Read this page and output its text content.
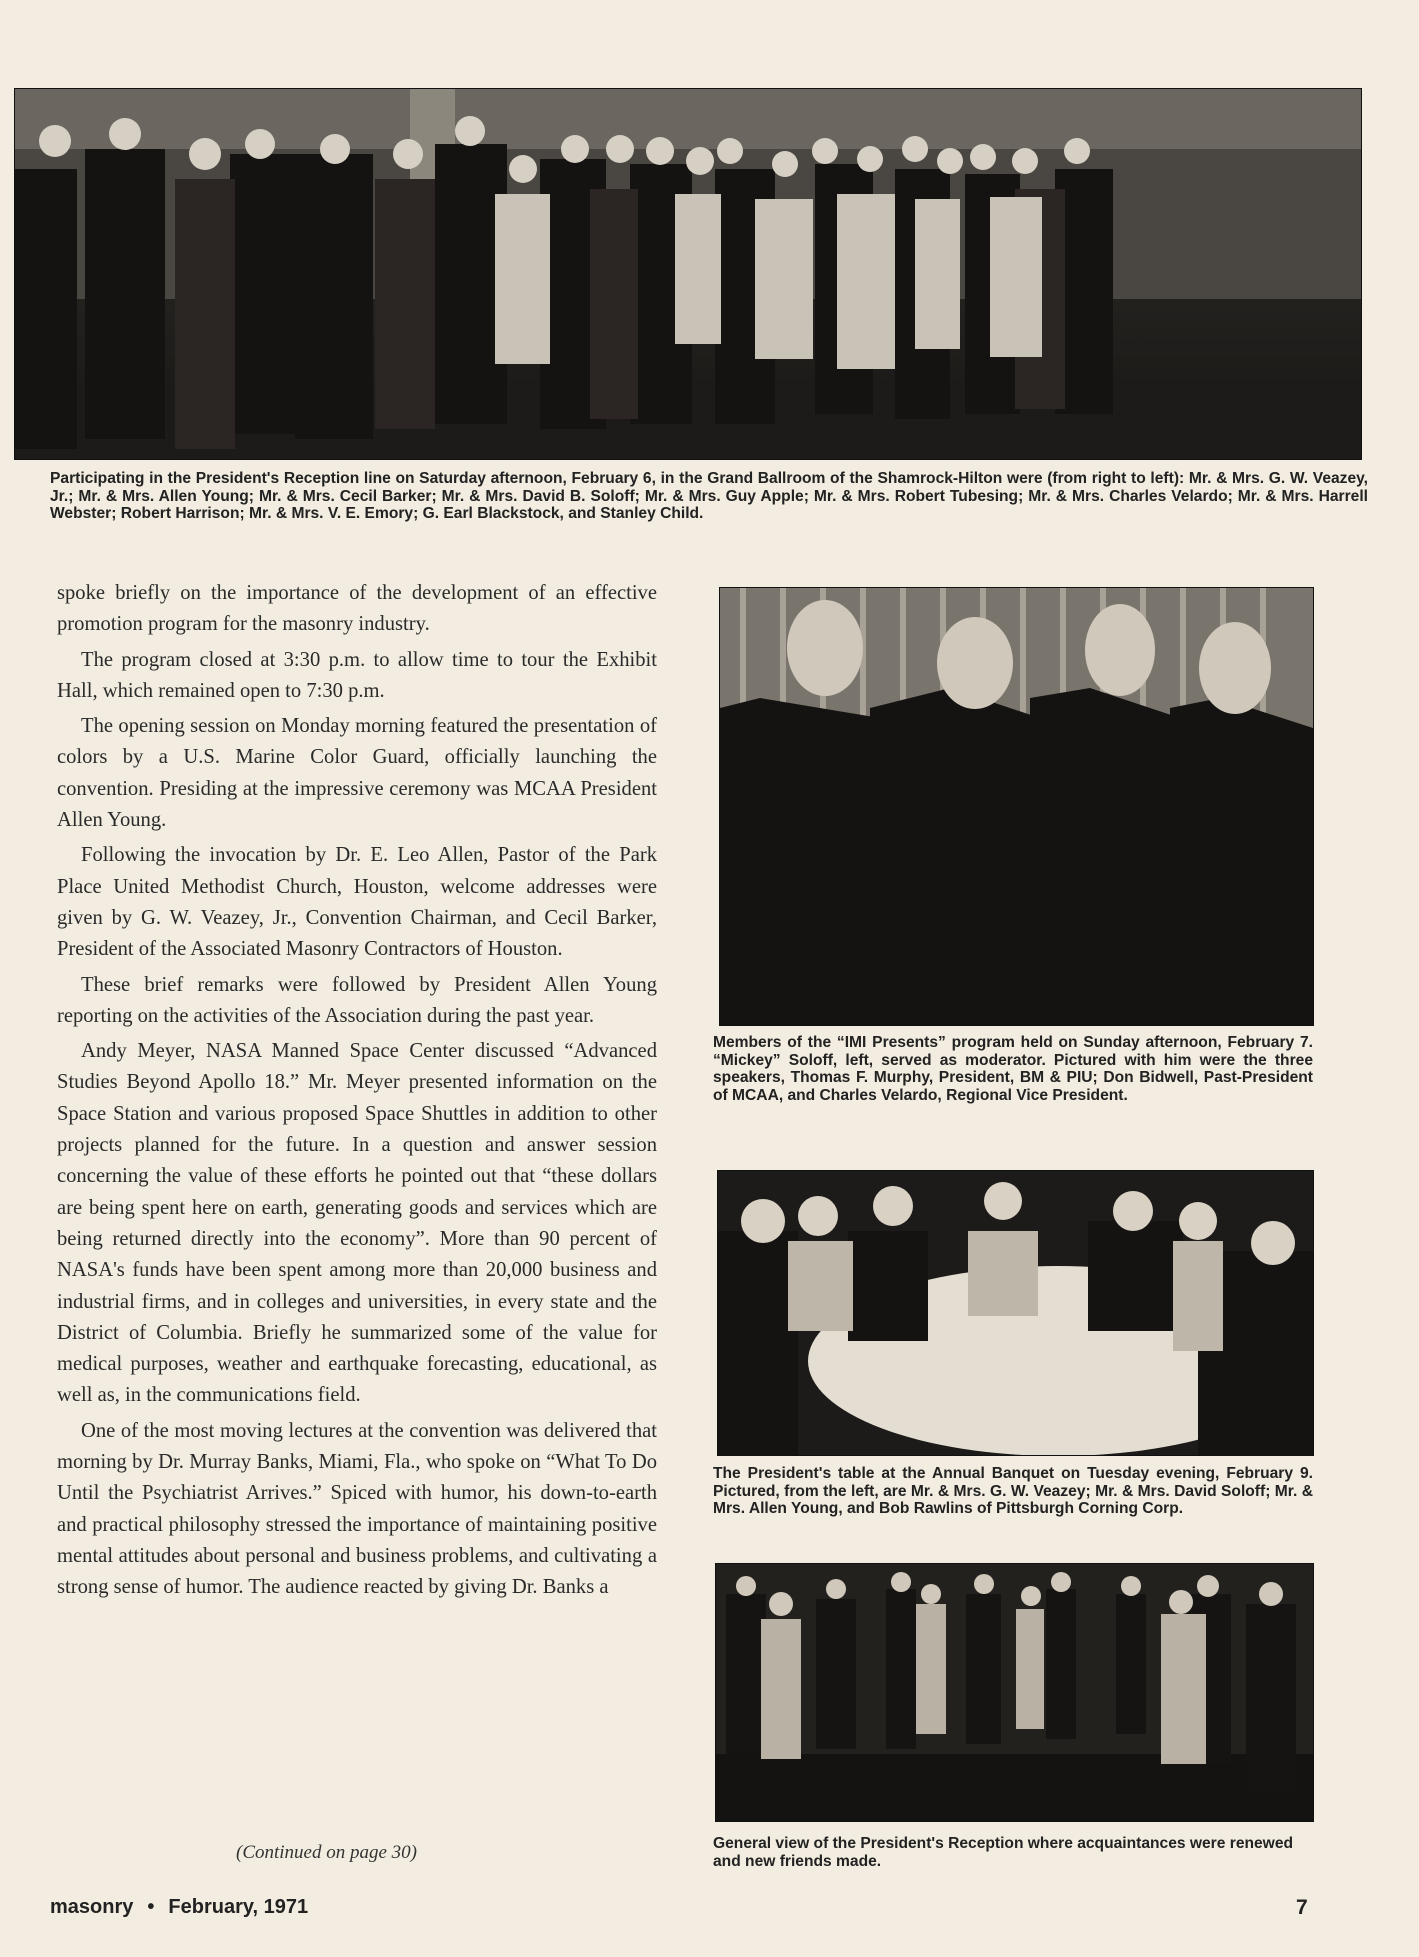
Participating in the President's Reception line on Saturday afternoon, February 6, in the Grand Ballroom of the Shamrock-Hilton were (from right to left): Mr. & Mrs. G. W. Veazey, Jr.; Mr. & Mrs. Allen Young; Mr. & Mrs. Cecil Barker; Mr. & Mrs. David B. Soloff; Mr. & Mrs. Guy Apple; Mr. & Mrs. Robert Tubesing; Mr. & Mrs. Charles Velardo; Mr. & Mrs. Harrell Webster; Robert Harrison; Mr. & Mrs. V. E. Emory; G. Earl Blackstock, and Stanley Child.

spoke briefly on the importance of the development of an effective promotion program for the masonry industry.

The program closed at 3:30 p.m. to allow time to tour the Exhibit Hall, which remained open to 7:30 p.m.

The opening session on Monday morning featured the presentation of colors by a U.S. Marine Color Guard, officially launching the convention. Presiding at the impressive ceremony was MCAA President Allen Young.

Following the invocation by Dr. E. Leo Allen, Pastor of the Park Place United Methodist Church, Houston, welcome addresses were given by G. W. Veazey, Jr., Convention Chairman, and Cecil Barker, President of the Associated Masonry Contractors of Houston.

These brief remarks were followed by President Allen Young reporting on the activities of the Association during the past year.

Andy Meyer, NASA Manned Space Center discussed “Advanced Studies Beyond Apollo 18.” Mr. Meyer presented information on the Space Station and various proposed Space Shuttles in addition to other projects planned for the future. In a question and answer session concerning the value of these efforts he pointed out that “these dollars are being spent here on earth, generating goods and services which are being returned directly into the economy”. More than 90 percent of NASA's funds have been spent among more than 20,000 business and industrial firms, and in colleges and universities, in every state and the District of Columbia. Briefly he summarized some of the value for medical purposes, weather and earthquake forecasting, educational, as well as, in the communications field.

One of the most moving lectures at the convention was delivered that morning by Dr. Murray Banks, Miami, Fla., who spoke on “What To Do Until the Psychiatrist Arrives.” Spiced with humor, his down-to-earth and practical philosophy stressed the importance of maintaining positive mental attitudes about personal and business problems, and cultivating a strong sense of humor. The audience reacted by giving Dr. Banks a

(Continued on page 30)

Members of the “IMI Presents” program held on Sunday afternoon, February 7. “Mickey” Soloff, left, served as moderator. Pictured with him were the three speakers, Thomas F. Murphy, President, BM & PIU; Don Bidwell, Past-President of MCAA, and Charles Velardo, Regional Vice President.

The President's table at the Annual Banquet on Tuesday evening, February 9. Pictured, from the left, are Mr. & Mrs. G. W. Veazey; Mr. & Mrs. David Soloff; Mr. & Mrs. Allen Young, and Bob Rawlins of Pittsburgh Corning Corp.

General view of the President's Reception where acquaintances were renewed and new friends made.

masonry • February, 1971	7
